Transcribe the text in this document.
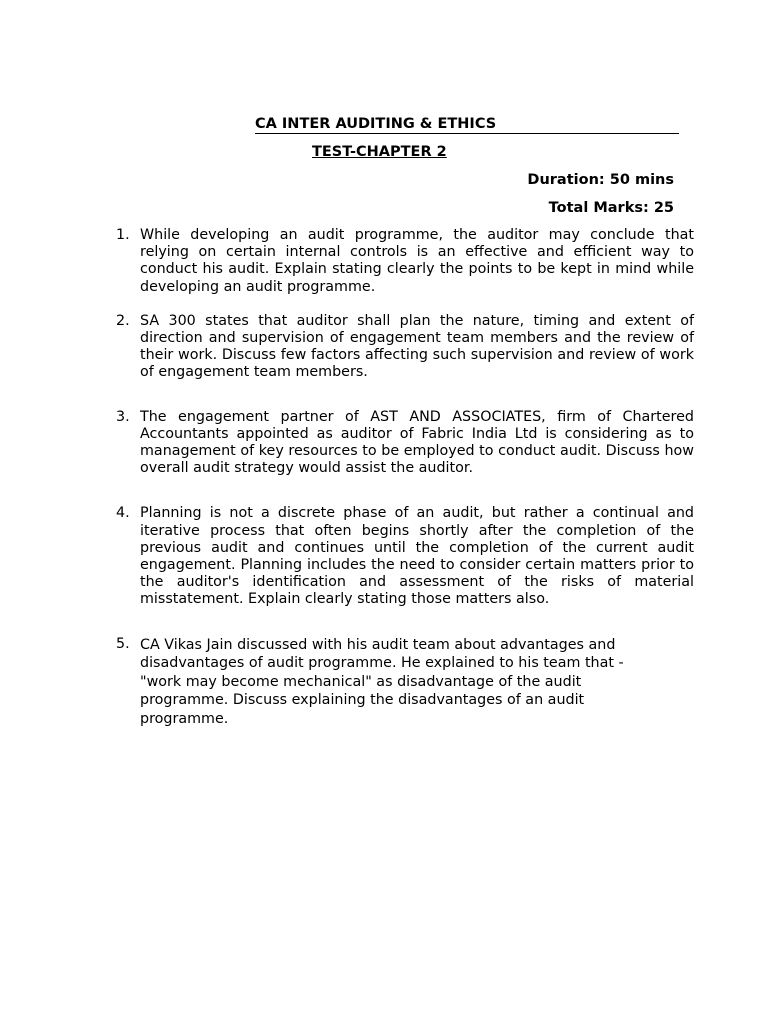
CA INTER AUDITING & ETHICS
TEST-CHAPTER 2
Duration: 50 mins
Total Marks: 25
1. While developing an audit programme, the auditor may conclude that relying on certain internal controls is an effective and efficient way to conduct his audit. Explain stating clearly the points to be kept in mind while developing an audit programme.
2. SA 300 states that auditor shall plan the nature, timing and extent of direction and supervision of engagement team members and the review of their work. Discuss few factors affecting such supervision and review of work of engagement team members.
3. The engagement partner of AST AND ASSOCIATES, firm of Chartered Accountants appointed as auditor of Fabric India Ltd is considering as to management of key resources to be employed to conduct audit. Discuss how overall audit strategy would assist the auditor.
4. Planning is not a discrete phase of an audit, but rather a continual and iterative process that often begins shortly after the completion of the previous audit and continues until the completion of the current audit engagement. Planning includes the need to consider certain matters prior to the auditor's identification and assessment of the risks of material misstatement. Explain clearly stating those matters also.
5. CA Vikas Jain discussed with his audit team about advantages and disadvantages of audit programme. He explained to his team that - "work may become mechanical" as disadvantage of the audit programme. Discuss explaining the disadvantages of an audit programme.
